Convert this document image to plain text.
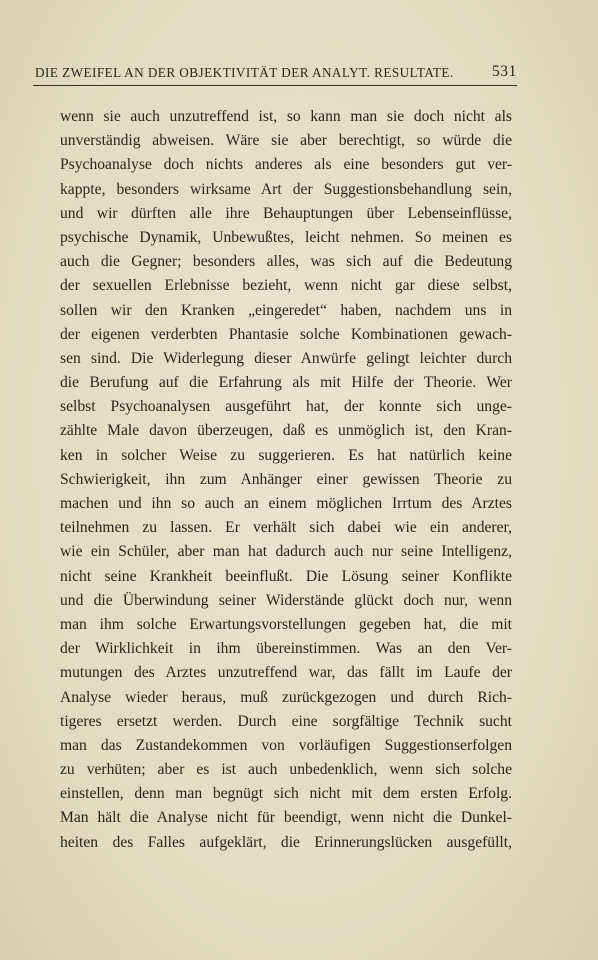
DIE ZWEIFEL AN DER OBJEKTIVITÄT DER ANALYT. RESULTATE. 531
wenn sie auch unzutreffend ist, so kann man sie doch nicht als
unverständig abweisen. Wäre sie aber berechtigt, so würde die
Psychoanalyse doch nichts anderes als eine besonders gut ver-
kappte, besonders wirksame Art der Suggestionsbehandlung sein,
und wir dürften alle ihre Behauptungen über Lebenseinflüsse,
psychische Dynamik, Unbewußtes, leicht nehmen. So meinen es
auch die Gegner; besonders alles, was sich auf die Bedeutung
der sexuellen Erlebnisse bezieht, wenn nicht gar diese selbst,
sollen wir den Kranken „eingeredet“ haben, nachdem uns in
der eigenen verderbten Phantasie solche Kombinationen gewach-
sen sind. Die Widerlegung dieser Anwürfe gelingt leichter durch
die Berufung auf die Erfahrung als mit Hilfe der Theorie. Wer
selbst Psychoanalysen ausgeführt hat, der konnte sich unge-
zählte Male davon überzeugen, daß es unmöglich ist, den Kran-
ken in solcher Weise zu suggerieren. Es hat natürlich keine
Schwierigkeit, ihn zum Anhänger einer gewissen Theorie zu
machen und ihn so auch an einem möglichen Irrtum des Arztes
teilnehmen zu lassen. Er verhält sich dabei wie ein anderer,
wie ein Schüler, aber man hat dadurch auch nur seine Intelligenz,
nicht seine Krankheit beeinflußt. Die Lösung seiner Konflikte
und die Überwindung seiner Widerstände glückt doch nur, wenn
man ihm solche Erwartungsvorstellungen gegeben hat, die mit
der Wirklichkeit in ihm übereinstimmen. Was an den Ver-
mutungen des Arztes unzutreffend war, das fällt im Laufe der
Analyse wieder heraus, muß zurückgezogen und durch Rich-
tigeres ersetzt werden. Durch eine sorgfältige Technik sucht
man das Zustandekommen von vorläufigen Suggestionserfolgen
zu verhüten; aber es ist auch unbedenklich, wenn sich solche
einstellen, denn man begnügt sich nicht mit dem ersten Erfolg.
Man hält die Analyse nicht für beendigt, wenn nicht die Dunkel-
heiten des Falles aufgeklärt, die Erinnerungslücken ausgefüllt,
